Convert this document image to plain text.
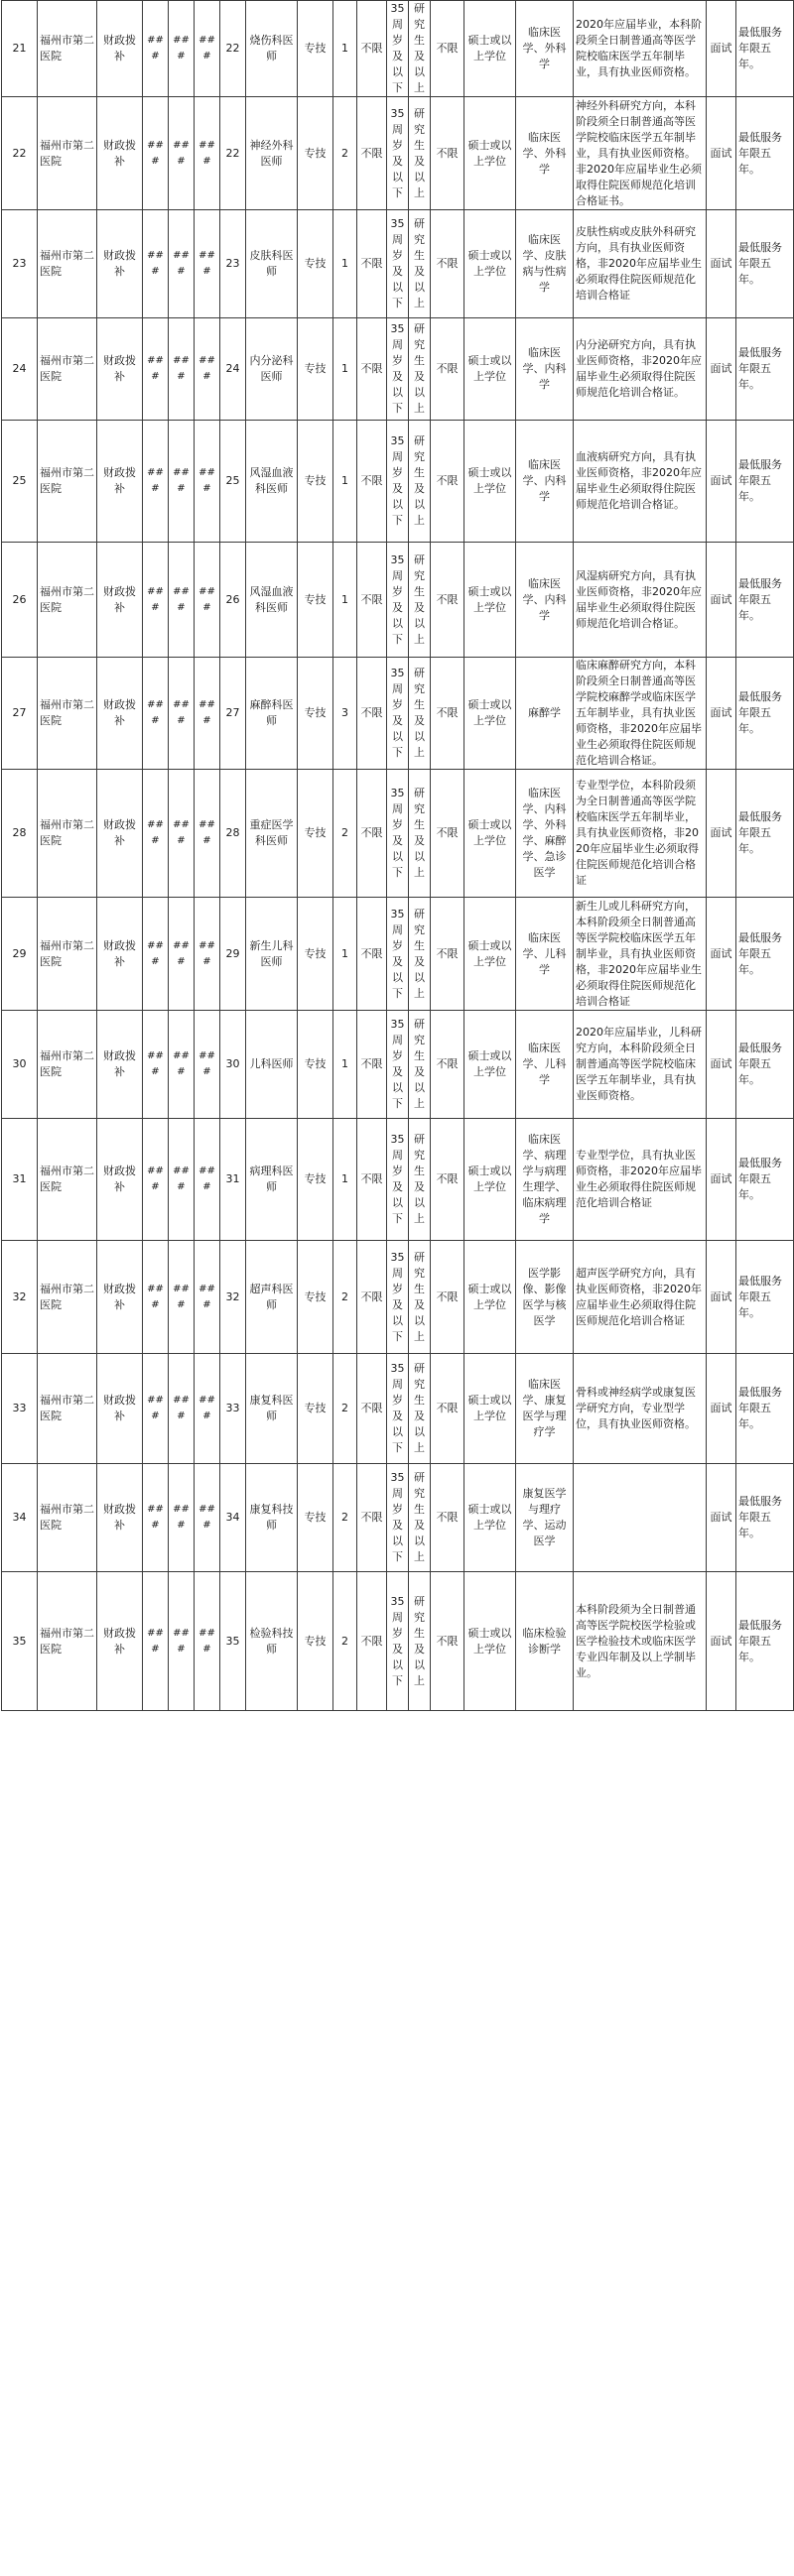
21	福州市第二医院	财政拨补	###	###	###	22	烧伤科医师	专技	1	不限	35周岁及以下	研究生及以上	不限	硕士或以上学位	临床医学、外科学	2020年应届毕业，本科阶段须全日制普通高等医学院校临床医学五年制毕业，具有执业医师资格。	面试	最低服务年限五年。
22	福州市第二医院	财政拨补	###	###	###	22	神经外科医师	专技	2	不限	35周岁及以下	研究生及以上	不限	硕士或以上学位	临床医学、外科学	神经外科研究方向，本科阶段须全日制普通高等医学院校临床医学五年制毕业，具有执业医师资格。非2020年应届毕业生必须取得住院医师规范化培训合格证书。	面试	最低服务年限五年。
23	福州市第二医院	财政拨补	###	###	###	23	皮肤科医师	专技	1	不限	35周岁及以下	研究生及以上	不限	硕士或以上学位	临床医学、皮肤病与性病学	皮肤性病或皮肤外科研究方向，具有执业医师资格，非2020年应届毕业生必须取得住院医师规范化培训合格证	面试	最低服务年限五年。
24	福州市第二医院	财政拨补	###	###	###	24	内分泌科医师	专技	1	不限	35周岁及以下	研究生及以上	不限	硕士或以上学位	临床医学、内科学	内分泌研究方向，具有执业医师资格，非2020年应届毕业生必须取得住院医师规范化培训合格证。	面试	最低服务年限五年。
25	福州市第二医院	财政拨补	###	###	###	25	风湿血液科医师	专技	1	不限	35周岁及以下	研究生及以上	不限	硕士或以上学位	临床医学、内科学	血液病研究方向，具有执业医师资格，非2020年应届毕业生必须取得住院医师规范化培训合格证。	面试	最低服务年限五年。
26	福州市第二医院	财政拨补	###	###	###	26	风湿血液科医师	专技	1	不限	35周岁及以下	研究生及以上	不限	硕士或以上学位	临床医学、内科学	风湿病研究方向，具有执业医师资格，非2020年应届毕业生必须取得住院医师规范化培训合格证。	面试	最低服务年限五年。
27	福州市第二医院	财政拨补	###	###	###	27	麻醉科医师	专技	3	不限	35周岁及以下	研究生及以上	不限	硕士或以上学位	麻醉学	临床麻醉研究方向，本科阶段须全日制普通高等医学院校麻醉学或临床医学五年制毕业，具有执业医师资格，非2020年应届毕业生必须取得住院医师规范化培训合格证。	面试	最低服务年限五年。
28	福州市第二医院	财政拨补	###	###	###	28	重症医学科医师	专技	2	不限	35周岁及以下	研究生及以上	不限	硕士或以上学位	临床医学、内科学、外科学、麻醉学、急诊医学	专业型学位，本科阶段须为全日制普通高等医学院校临床医学五年制毕业，具有执业医师资格，非2020年应届毕业生必须取得住院医师规范化培训合格证	面试	最低服务年限五年。
29	福州市第二医院	财政拨补	###	###	###	29	新生儿科医师	专技	1	不限	35周岁及以下	研究生及以上	不限	硕士或以上学位	临床医学、儿科学	新生儿或儿科研究方向，本科阶段须全日制普通高等医学院校临床医学五年制毕业，具有执业医师资格，非2020年应届毕业生必须取得住院医师规范化培训合格证	面试	最低服务年限五年。
30	福州市第二医院	财政拨补	###	###	###	30	儿科医师	专技	1	不限	35周岁及以下	研究生及以上	不限	硕士或以上学位	临床医学、儿科学	2020年应届毕业，儿科研究方向，本科阶段须全日制普通高等医学院校临床医学五年制毕业，具有执业医师资格。	面试	最低服务年限五年。
31	福州市第二医院	财政拨补	###	###	###	31	病理科医师	专技	1	不限	35周岁及以下	研究生及以上	不限	硕士或以上学位	临床医学、病理学与病理生理学、临床病理学	专业型学位，具有执业医师资格，非2020年应届毕业生必须取得住院医师规范化培训合格证	面试	最低服务年限五年。
32	福州市第二医院	财政拨补	###	###	###	32	超声科医师	专技	2	不限	35周岁及以下	研究生及以上	不限	硕士或以上学位	医学影像、影像医学与核医学	超声医学研究方向，具有执业医师资格，非2020年应届毕业生必须取得住院医师规范化培训合格证	面试	最低服务年限五年。
33	福州市第二医院	财政拨补	###	###	###	33	康复科医师	专技	2	不限	35周岁及以下	研究生及以上	不限	硕士或以上学位	临床医学、康复医学与理疗学	骨科或神经病学或康复医学研究方向，专业型学位，具有执业医师资格。	面试	最低服务年限五年。
34	福州市第二医院	财政拨补	###	###	###	34	康复科技师	专技	2	不限	35周岁及以下	研究生及以上	不限	硕士或以上学位	康复医学与理疗学、运动医学		面试	最低服务年限五年。
35	福州市第二医院	财政拨补	###	###	###	35	检验科技师	专技	2	不限	35周岁及以下	研究生及以上	不限	硕士或以上学位	临床检验诊断学	本科阶段须为全日制普通高等医学院校医学检验或医学检验技术或临床医学专业四年制及以上学制毕业。	面试	最低服务年限五年。
